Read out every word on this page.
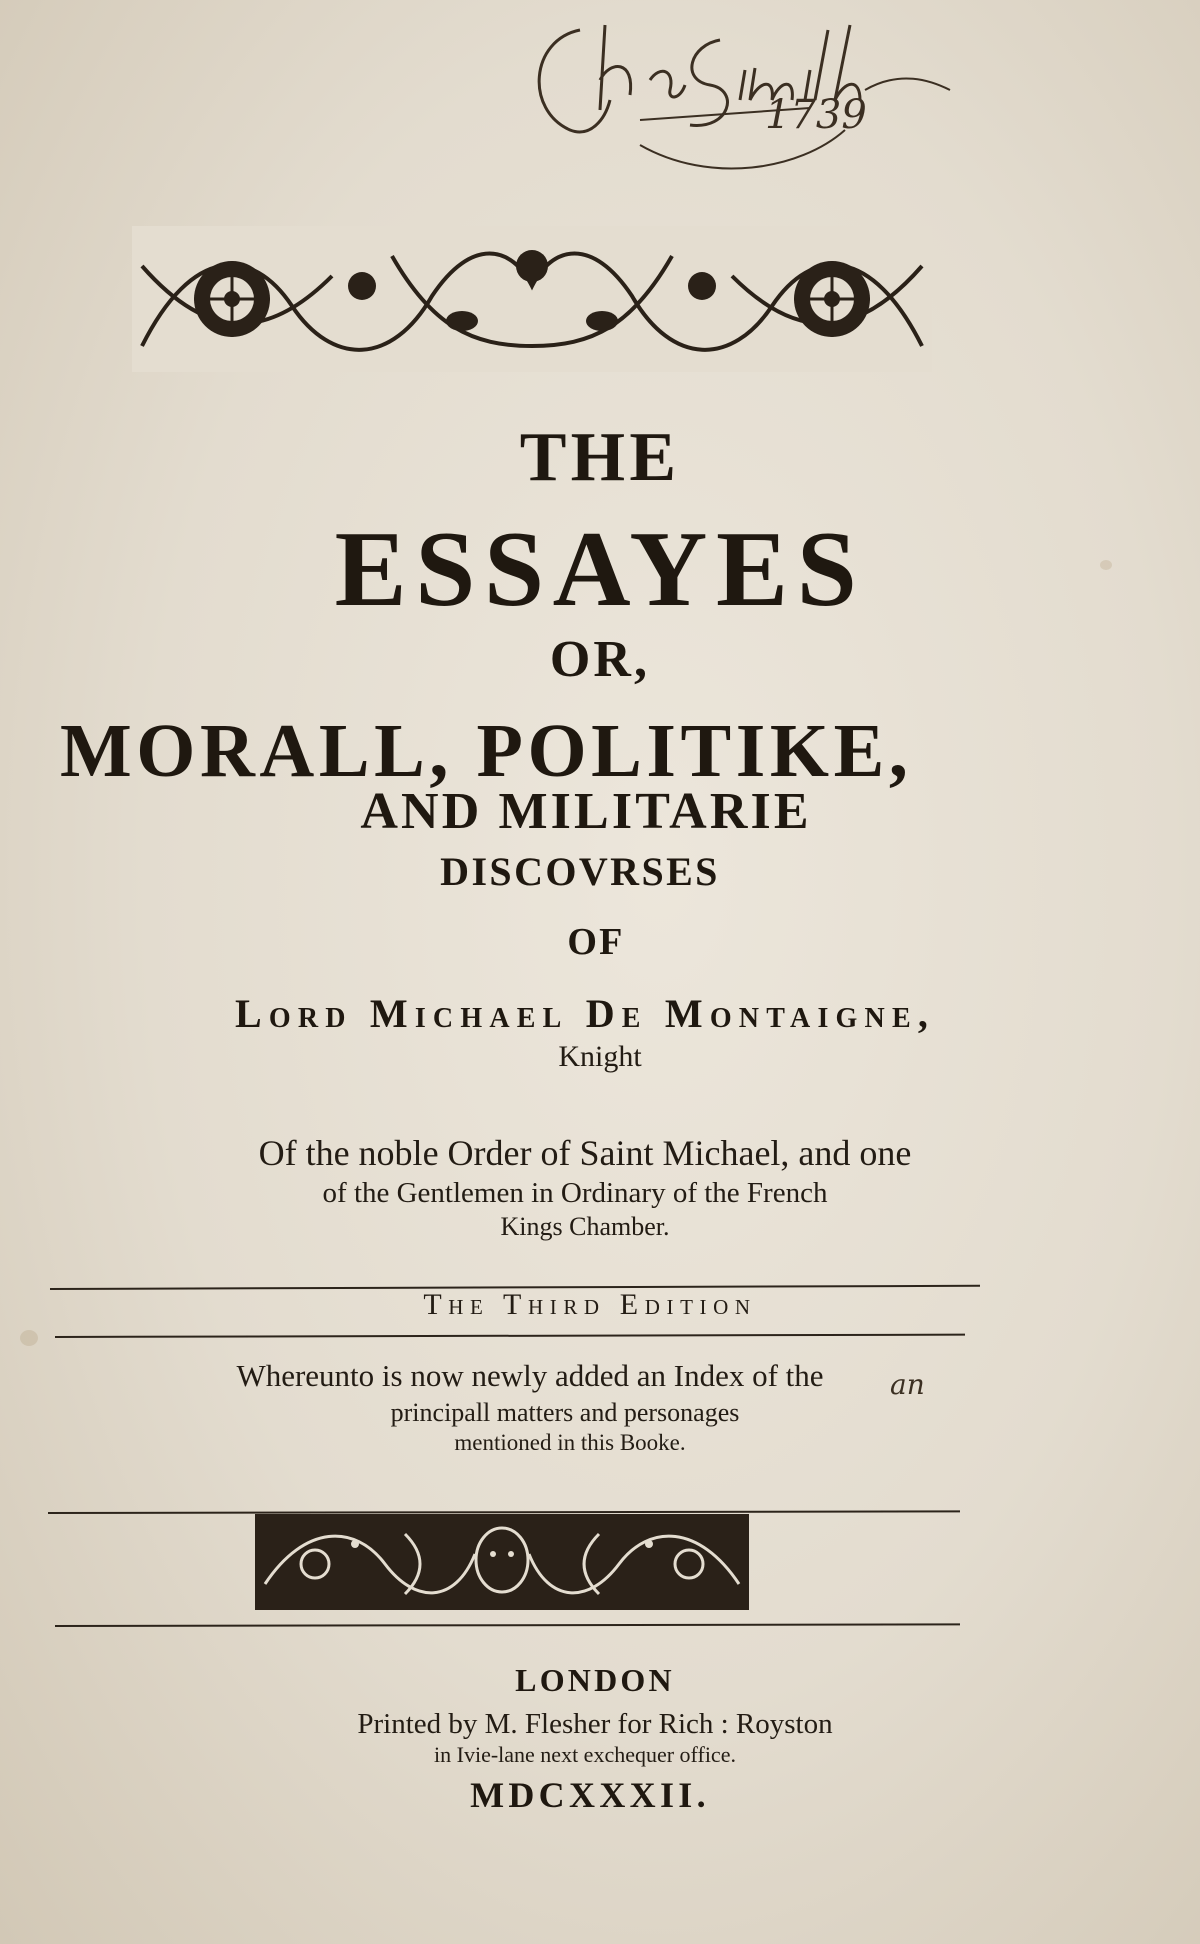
1739
THE
ESSAYES
OR,
MORALL, POLITIKE,
AND MILITARIE
DISCOVRSES
OF
Lord Michael De Montaigne,
Knight
Of the noble Order of Saint Michael, and one
of the Gentlemen in Ordinary of the French
Kings Chamber.
The Third Edition
Whereunto is now newly added an Index of the	an
principall matters and personages
mentioned in this Booke.
LONDON
Printed by M. Flesher for Rich : Royston
in Ivie-lane next exchequer office.
MDCXXXII.
